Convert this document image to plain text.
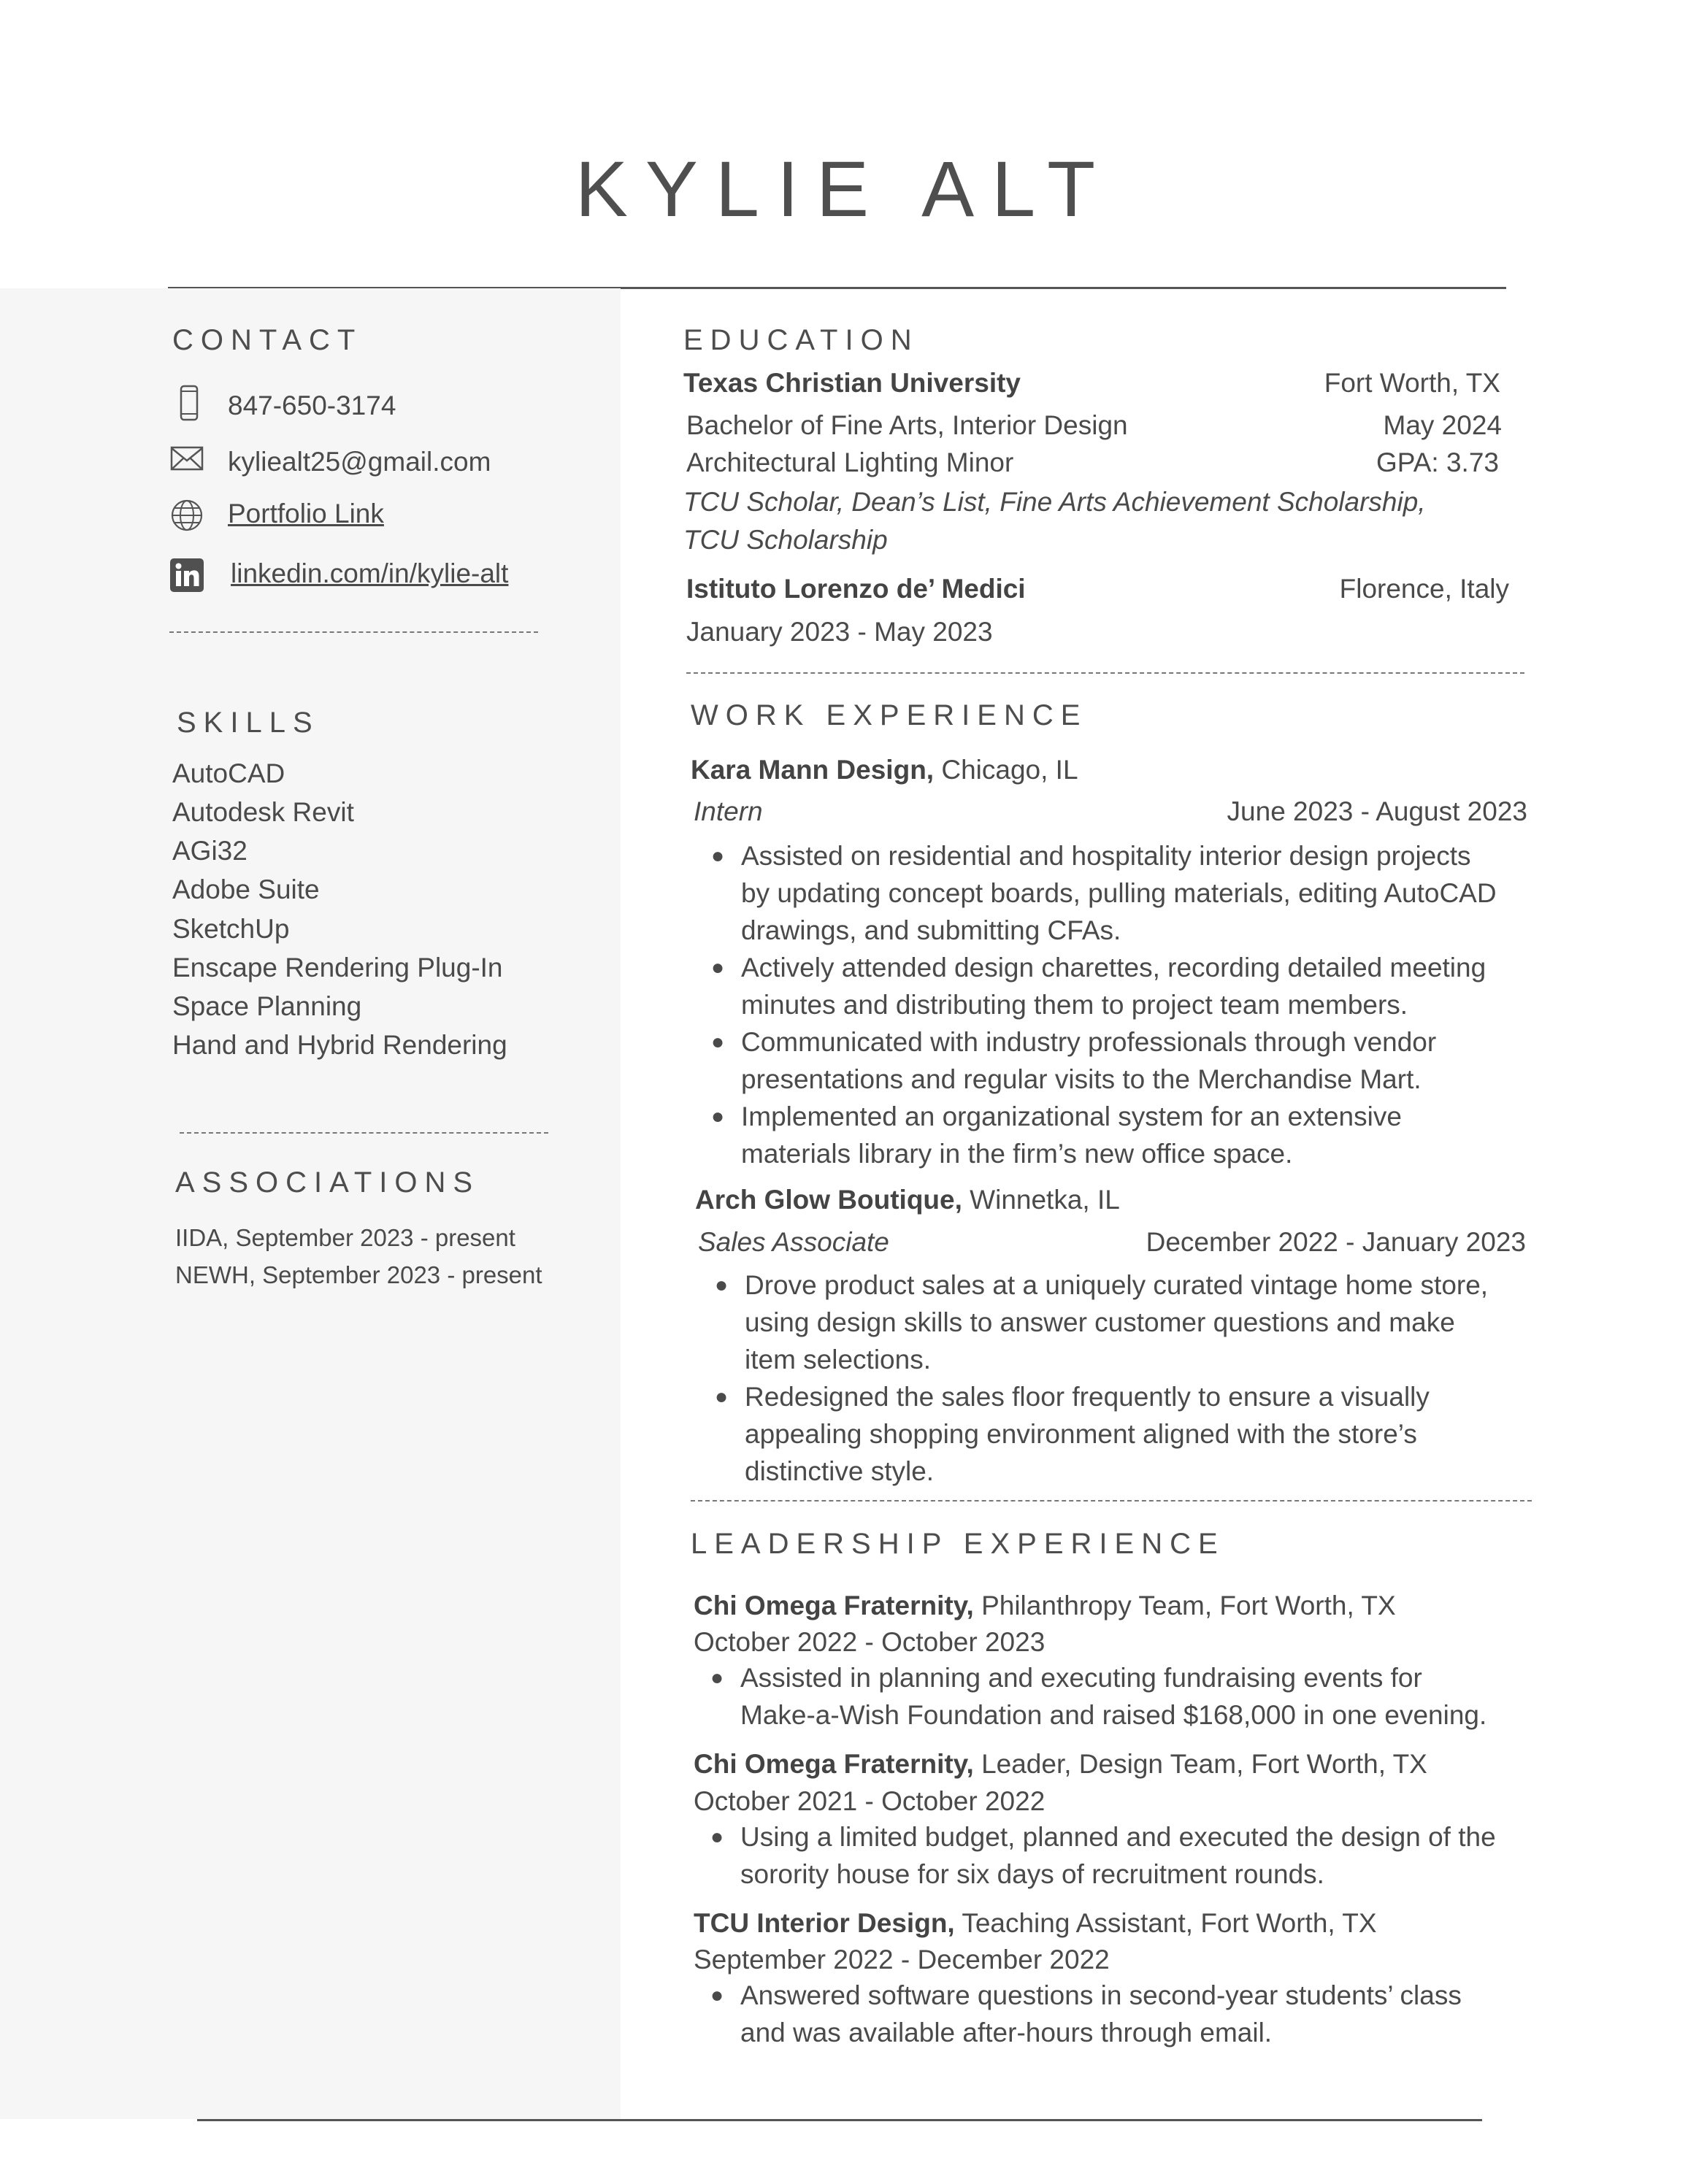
KYLIE ALT
CONTACT
847-650-3174
kyliealt25@gmail.com
Portfolio Link
linkedin.com/in/kylie-alt
SKILLS
AutoCAD
Autodesk Revit
AGi32
Adobe Suite
SketchUp
Enscape Rendering Plug-In
Space Planning
Hand and Hybrid Rendering
ASSOCIATIONS
IIDA, September 2023 - present
NEWH, September 2023 - present
EDUCATION
Texas Christian University	Fort Worth, TX
Bachelor of Fine Arts, Interior Design	May 2024
Architectural Lighting Minor	GPA: 3.73
TCU Scholar, Dean’s List, Fine Arts Achievement Scholarship,
TCU Scholarship
Istituto Lorenzo de’ Medici	Florence, Italy
January 2023 - May 2023
WORK EXPERIENCE
Kara Mann Design, Chicago, IL
Intern	June 2023 - August 2023
● Assisted on residential and hospitality interior design projects
by updating concept boards, pulling materials, editing AutoCAD
drawings, and submitting CFAs.
● Actively attended design charettes, recording detailed meeting
minutes and distributing them to project team members.
● Communicated with industry professionals through vendor
presentations and regular visits to the Merchandise Mart.
● Implemented an organizational system for an extensive
materials library in the firm’s new office space.
Arch Glow Boutique, Winnetka, IL
Sales Associate	December 2022 - January 2023
● Drove product sales at a uniquely curated vintage home store,
using design skills to answer customer questions and make
item selections.
● Redesigned the sales floor frequently to ensure a visually
appealing shopping environment aligned with the store’s
distinctive style.
LEADERSHIP EXPERIENCE
Chi Omega Fraternity, Philanthropy Team, Fort Worth, TX
October 2022 - October 2023
● Assisted in planning and executing fundraising events for
Make-a-Wish Foundation and raised $168,000 in one evening.
Chi Omega Fraternity, Leader, Design Team, Fort Worth, TX
October 2021 - October 2022
● Using a limited budget, planned and executed the design of the
sorority house for six days of recruitment rounds.
TCU Interior Design, Teaching Assistant, Fort Worth, TX
September 2022 - December 2022
● Answered software questions in second-year students’ class
and was available after-hours through email.
